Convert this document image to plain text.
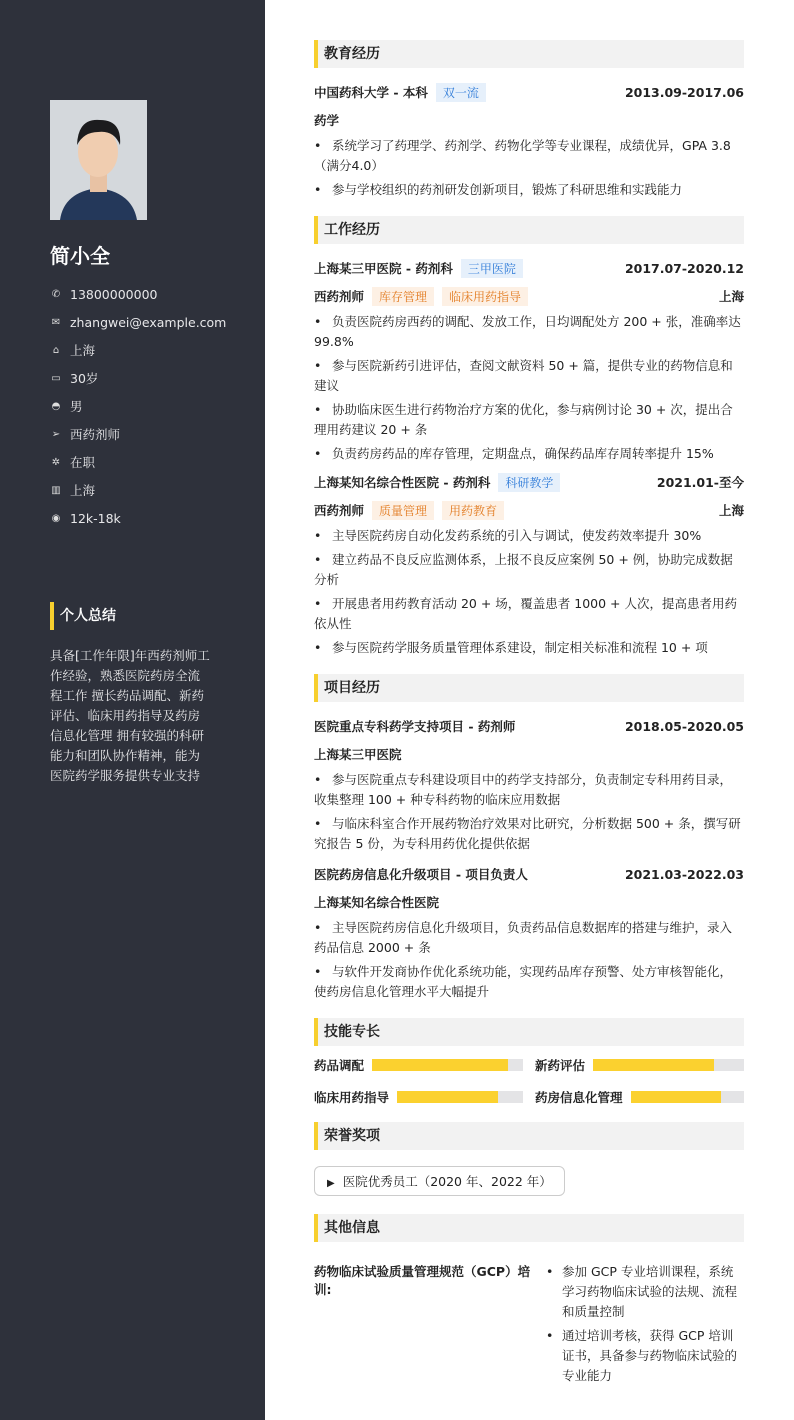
简小全
✆ 13800000000
✉ zhangwei@example.com
⌂ 上海
▭ 30岁
◓ 男
➢ 西药剂师
✲ 在职
▥ 上海
◉ 12k-18k
个人总结
具备[工作年限]年西药剂师工作经验，熟悉医院药房全流程工作 擅长药品调配、新药评估、临床用药指导及药房信息化管理 拥有较强的科研能力和团队协作精神，能为医院药学服务提供专业支持
教育经历
中国药科大学 - 本科	双一流	2013.09-2017.06
药学
• 系统学习了药理学、药剂学、药物化学等专业课程，成绩优异，GPA 3.8（满分4.0）
• 参与学校组织的药剂研发创新项目，锻炼了科研思维和实践能力
工作经历
上海某三甲医院 - 药剂科	三甲医院	2017.07-2020.12
西药剂师	库存管理	临床用药指导	上海
• 负责医院药房西药的调配、发放工作，日均调配处方 200 + 张，准确率达 99.8%
• 参与医院新药引进评估，查阅文献资料 50 + 篇，提供专业的药物信息和建议
• 协助临床医生进行药物治疗方案的优化，参与病例讨论 30 + 次，提出合理用药建议 20 + 条
• 负责药房药品的库存管理，定期盘点，确保药品库存周转率提升 15%
上海某知名综合性医院 - 药剂科	科研教学	2021.01-至今
西药剂师	质量管理	用药教育	上海
• 主导医院药房自动化发药系统的引入与调试，使发药效率提升 30%
• 建立药品不良反应监测体系，上报不良反应案例 50 + 例，协助完成数据分析
• 开展患者用药教育活动 20 + 场，覆盖患者 1000 + 人次，提高患者用药依从性
• 参与医院药学服务质量管理体系建设，制定相关标准和流程 10 + 项
项目经历
医院重点专科药学支持项目 - 药剂师	2018.05-2020.05
上海某三甲医院
• 参与医院重点专科建设项目中的药学支持部分，负责制定专科用药目录，收集整理 100 + 种专科药物的临床应用数据
• 与临床科室合作开展药物治疗效果对比研究，分析数据 500 + 条，撰写研究报告 5 份，为专科用药优化提供依据
医院药房信息化升级项目 - 项目负责人	2021.03-2022.03
上海某知名综合性医院
• 主导医院药房信息化升级项目，负责药品信息数据库的搭建与维护，录入药品信息 2000 + 条
• 与软件开发商协作优化系统功能，实现药品库存预警、处方审核智能化，使药房信息化管理水平大幅提升
技能专长
药品调配	新药评估
临床用药指导	药房信息化管理
荣誉奖项
▶ 医院优秀员工（2020 年、2022 年）
其他信息
药物临床试验质量管理规范（GCP）培训:
• 参加 GCP 专业培训课程，系统学习药物临床试验的法规、流程和质量控制
• 通过培训考核，获得 GCP 培训证书，具备参与药物临床试验的专业能力
